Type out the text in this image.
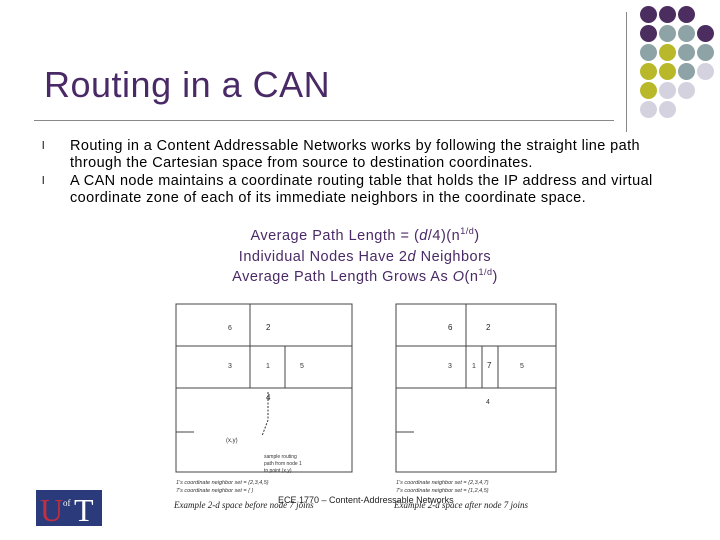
Routing in a CAN
l Routing in a Content Addressable Networks works by following the straight line path through the Cartesian space from source to destination coordinates.
l A CAN node maintains a coordinate routing table that holds the IP address and virtual coordinate zone of each of its immediate neighbors in the coordinate space.
Average Path Length = $(d/4)(n^{1/d})$
Individual Nodes Have 2d Neighbors
Average Path Length Grows As $O(n^{1/d})$
6	2
3	1	5
4
(x,y)
sample routing
path from node 1
to point (x,y)
1's coordinate neighbor set = {2,3,4,5}
7's coordinate neighbor set = { }
Example 2-d space before node 7 joins
6	2
3	1 7	5
4
1's coordinate neighbor set = {2,3,4,7}
7's coordinate neighbor set = {1,2,4,5}
Example 2-d space after node 7 joins
U of T	ECE 1770 – Content-Addressable Networks
